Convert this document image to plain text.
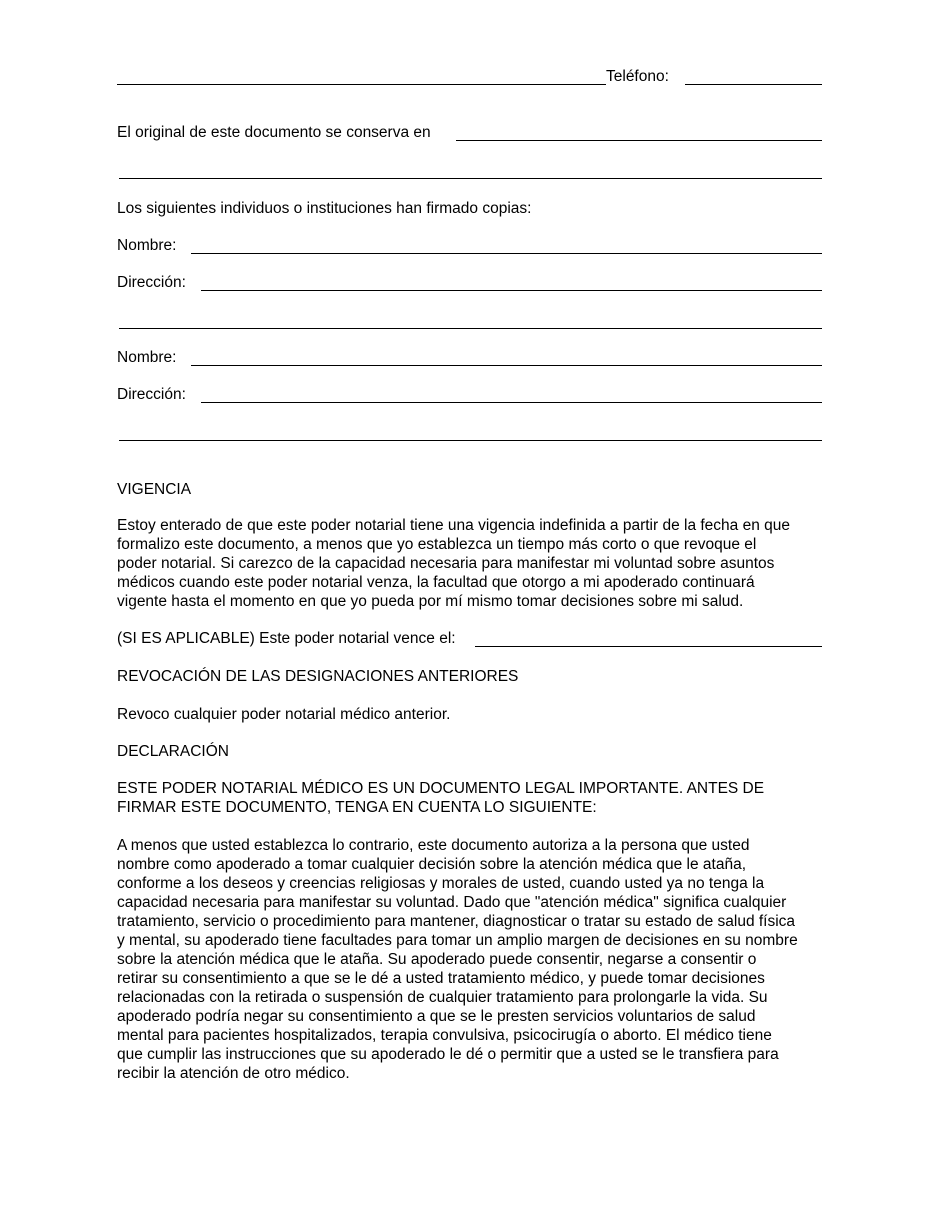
Teléfono:
El original de este documento se conserva en
Los siguientes individuos o instituciones han firmado copias:
Nombre:
Dirección:
Nombre:
Dirección:
VIGENCIA
Estoy enterado de que este poder notarial tiene una vigencia indefinida a partir de la fecha en que
formalizo este documento, a menos que yo establezca un tiempo más corto o que revoque el
poder notarial. Si carezco de la capacidad necesaria para manifestar mi voluntad sobre asuntos
médicos cuando este poder notarial venza, la facultad que otorgo a mi apoderado continuará
vigente hasta el momento en que yo pueda por mí mismo tomar decisiones sobre mi salud.
(SI ES APLICABLE) Este poder notarial vence el:
REVOCACIÓN DE LAS DESIGNACIONES ANTERIORES
Revoco cualquier poder notarial médico anterior.
DECLARACIÓN
ESTE PODER NOTARIAL MÉDICO ES UN DOCUMENTO LEGAL IMPORTANTE. ANTES DE
FIRMAR ESTE DOCUMENTO, TENGA EN CUENTA LO SIGUIENTE:
A menos que usted establezca lo contrario, este documento autoriza a la persona que usted
nombre como apoderado a tomar cualquier decisión sobre la atención médica que le ataña,
conforme a los deseos y creencias religiosas y morales de usted, cuando usted ya no tenga la
capacidad necesaria para manifestar su voluntad. Dado que "atención médica" significa cualquier
tratamiento, servicio o procedimiento para mantener, diagnosticar o tratar su estado de salud física
y mental, su apoderado tiene facultades para tomar un amplio margen de decisiones en su nombre
sobre la atención médica que le ataña. Su apoderado puede consentir, negarse a consentir o
retirar su consentimiento a que se le dé a usted tratamiento médico, y puede tomar decisiones
relacionadas con la retirada o suspensión de cualquier tratamiento para prolongarle la vida. Su
apoderado podría negar su consentimiento a que se le presten servicios voluntarios de salud
mental para pacientes hospitalizados, terapia convulsiva, psicocirugía o aborto. El médico tiene
que cumplir las instrucciones que su apoderado le dé o permitir que a usted se le transfiera para
recibir la atención de otro médico.
